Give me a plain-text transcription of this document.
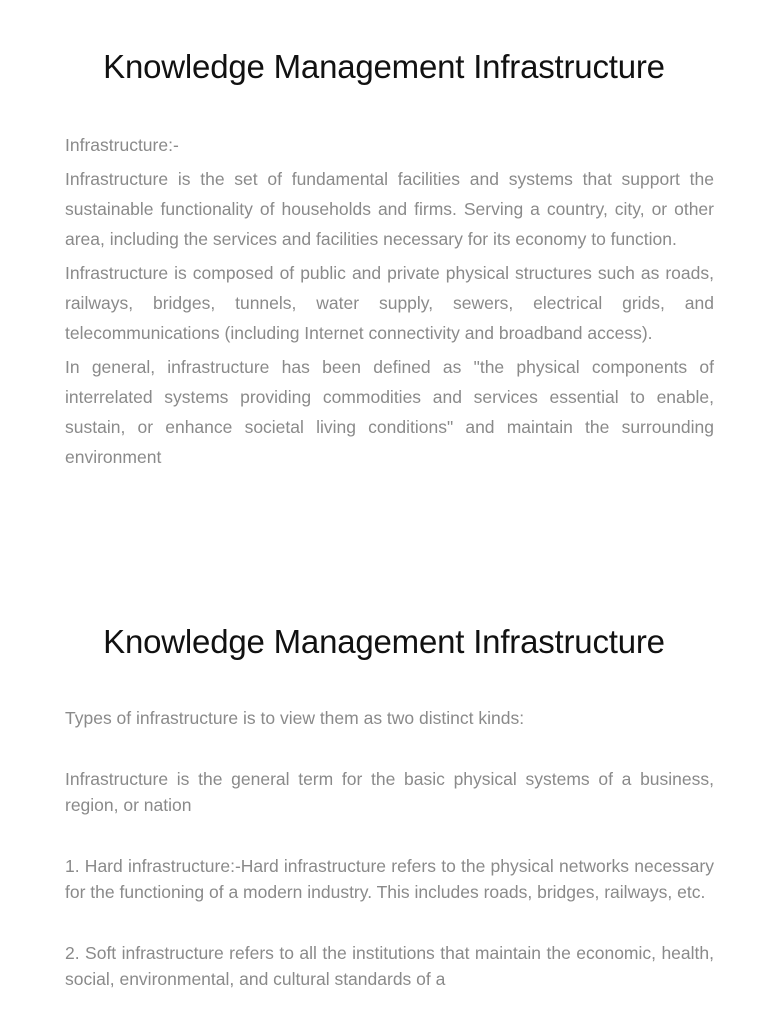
Knowledge Management Infrastructure

Infrastructure:-

Infrastructure is the set of fundamental facilities and systems that support the sustainable functionality of households and firms. Serving a country, city, or other area, including the services and facilities necessary for its economy to function.

Infrastructure is composed of public and private physical structures such as roads, railways, bridges, tunnels, water supply, sewers, electrical grids, and telecommunications (including Internet connectivity and broadband access).

In general, infrastructure has been defined as "the physical components of interrelated systems providing commodities and services essential to enable, sustain, or enhance societal living conditions" and maintain the surrounding environment

Knowledge Management Infrastructure

Types of infrastructure is to view them as two distinct kinds:

Infrastructure is the general term for the basic physical systems of a business, region, or nation

1. Hard infrastructure:-Hard infrastructure refers to the physical networks necessary for the functioning of a modern industry. This includes roads, bridges, railways, etc.

2. Soft infrastructure refers to all the institutions that maintain the economic, health, social, environmental, and cultural standards of a
